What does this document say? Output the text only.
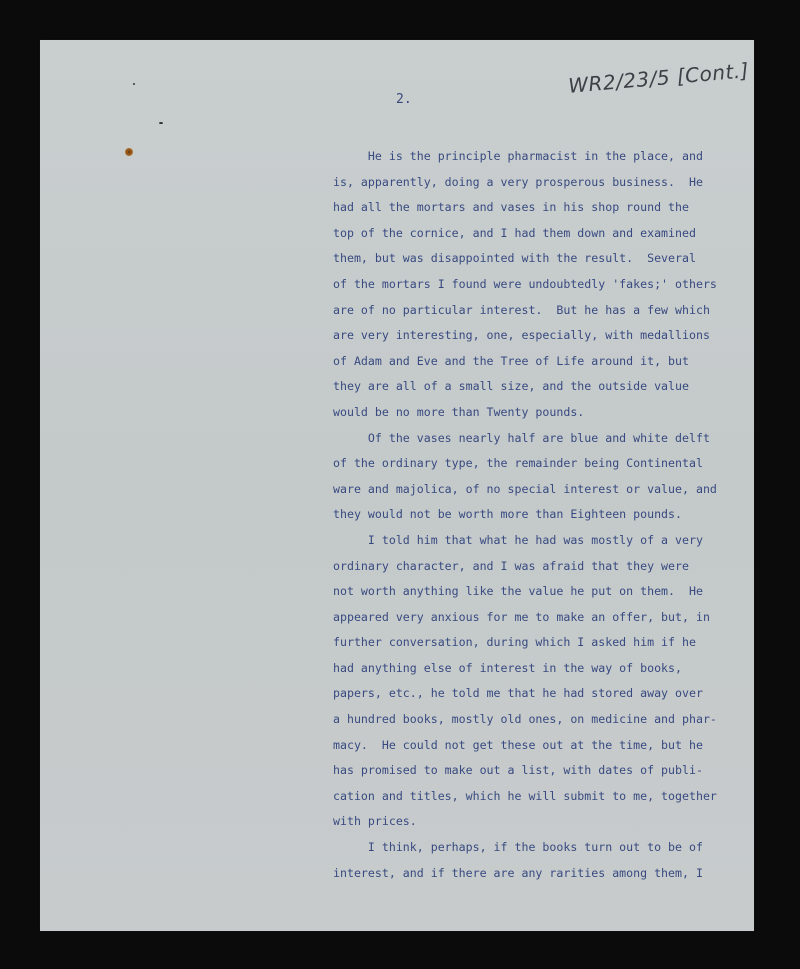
WR2/23/5 [Cont.]
2.
He is the principle pharmacist in the place, and
is, apparently, doing a very prosperous business.  He
had all the mortars and vases in his shop round the
top of the cornice, and I had them down and examined
them, but was disappointed with the result.  Several
of the mortars I found were undoubtedly 'fakes;' others
are of no particular interest.  But he has a few which
are very interesting, one, especially, with medallions
of Adam and Eve and the Tree of Life around it, but
they are all of a small size, and the outside value
would be no more than Twenty pounds.
Of the vases nearly half are blue and white delft
of the ordinary type, the remainder being Continental
ware and majolica, of no special interest or value, and
they would not be worth more than Eighteen pounds.
I told him that what he had was mostly of a very
ordinary character, and I was afraid that they were
not worth anything like the value he put on them.  He
appeared very anxious for me to make an offer, but, in
further conversation, during which I asked him if he
had anything else of interest in the way of books,
papers, etc., he told me that he had stored away over
a hundred books, mostly old ones, on medicine and phar-
macy.  He could not get these out at the time, but he
has promised to make out a list, with dates of publi-
cation and titles, which he will submit to me, together
with prices.
I think, perhaps, if the books turn out to be of
interest, and if there are any rarities among them, I
